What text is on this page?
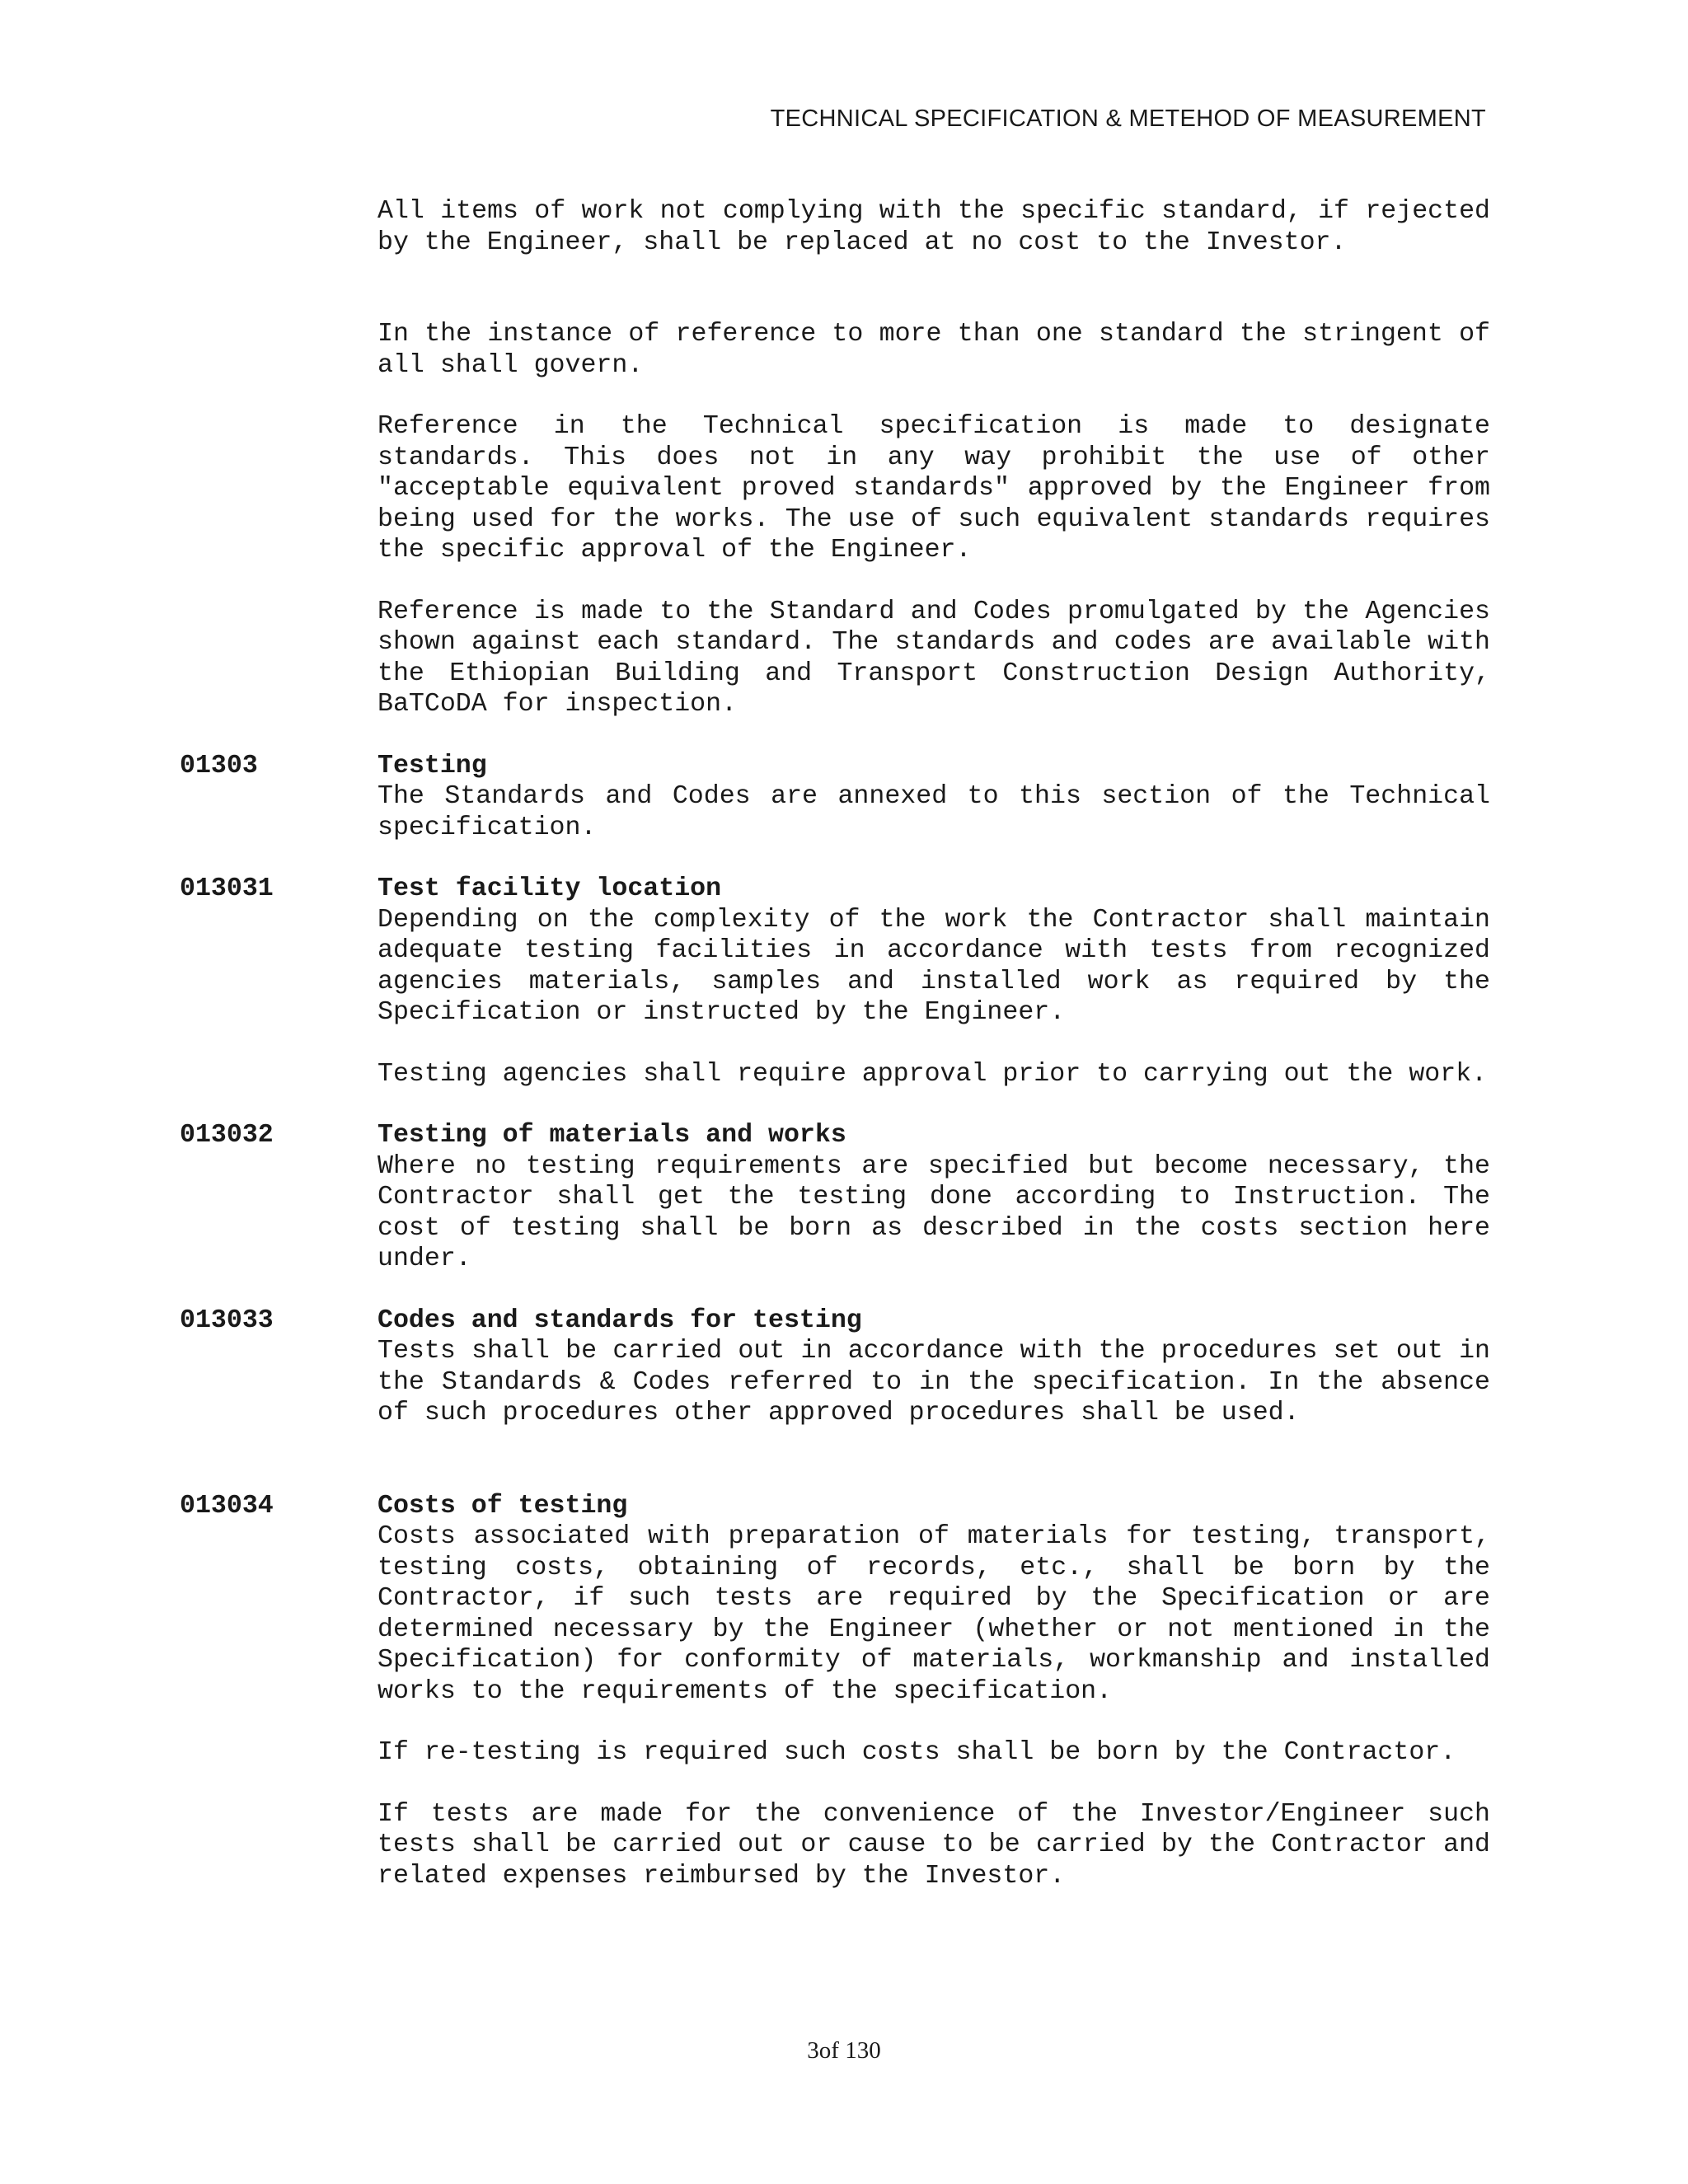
TECHNICAL SPECIFICATION & METEHOD OF MEASUREMENT

All items of work not complying with the specific standard, if rejected by the Engineer, shall be replaced at no cost to the Investor.

In the instance of reference to more than one standard the stringent of all shall govern.

Reference in the Technical specification is made to designate standards. This does not in any way prohibit the use of other "acceptable equivalent proved standards" approved by the Engineer from being used for the works. The use of such equivalent standards requires the specific approval of the Engineer.

Reference is made to the Standard and Codes promulgated by the Agencies shown against each standard. The standards and codes are available with the Ethiopian Building and Transport Construction Design Authority, BaTCoDA for inspection.

01303	Testing

The Standards and Codes are annexed to this section of the Technical specification.

013031	Test facility location

Depending on the complexity of the work the Contractor shall maintain adequate testing facilities in accordance with tests from recognized agencies materials, samples and installed work as required by the Specification or instructed by the Engineer.

Testing agencies shall require approval prior to carrying out the work.

013032	Testing of materials and works

Where no testing requirements are specified but become necessary, the Contractor shall get the testing done according to Instruction. The cost of testing shall be born as described in the costs section here under.

013033	Codes and standards for testing

Tests shall be carried out in accordance with the procedures set out in the Standards & Codes referred to in the specification. In the absence of such procedures other approved procedures shall be used.

013034	Costs of testing

Costs associated with preparation of materials for testing, transport, testing costs, obtaining of records, etc., shall be born by the Contractor, if such tests are required by the Specification or are determined necessary by the Engineer (whether or not mentioned in the Specification) for conformity of materials, workmanship and installed works to the requirements of the specification.

If re-testing is required such costs shall be born by the Contractor.

If tests are made for the convenience of the Investor/Engineer such tests shall be carried out or cause to be carried by the Contractor and related expenses reimbursed by the Investor.

3of 130
